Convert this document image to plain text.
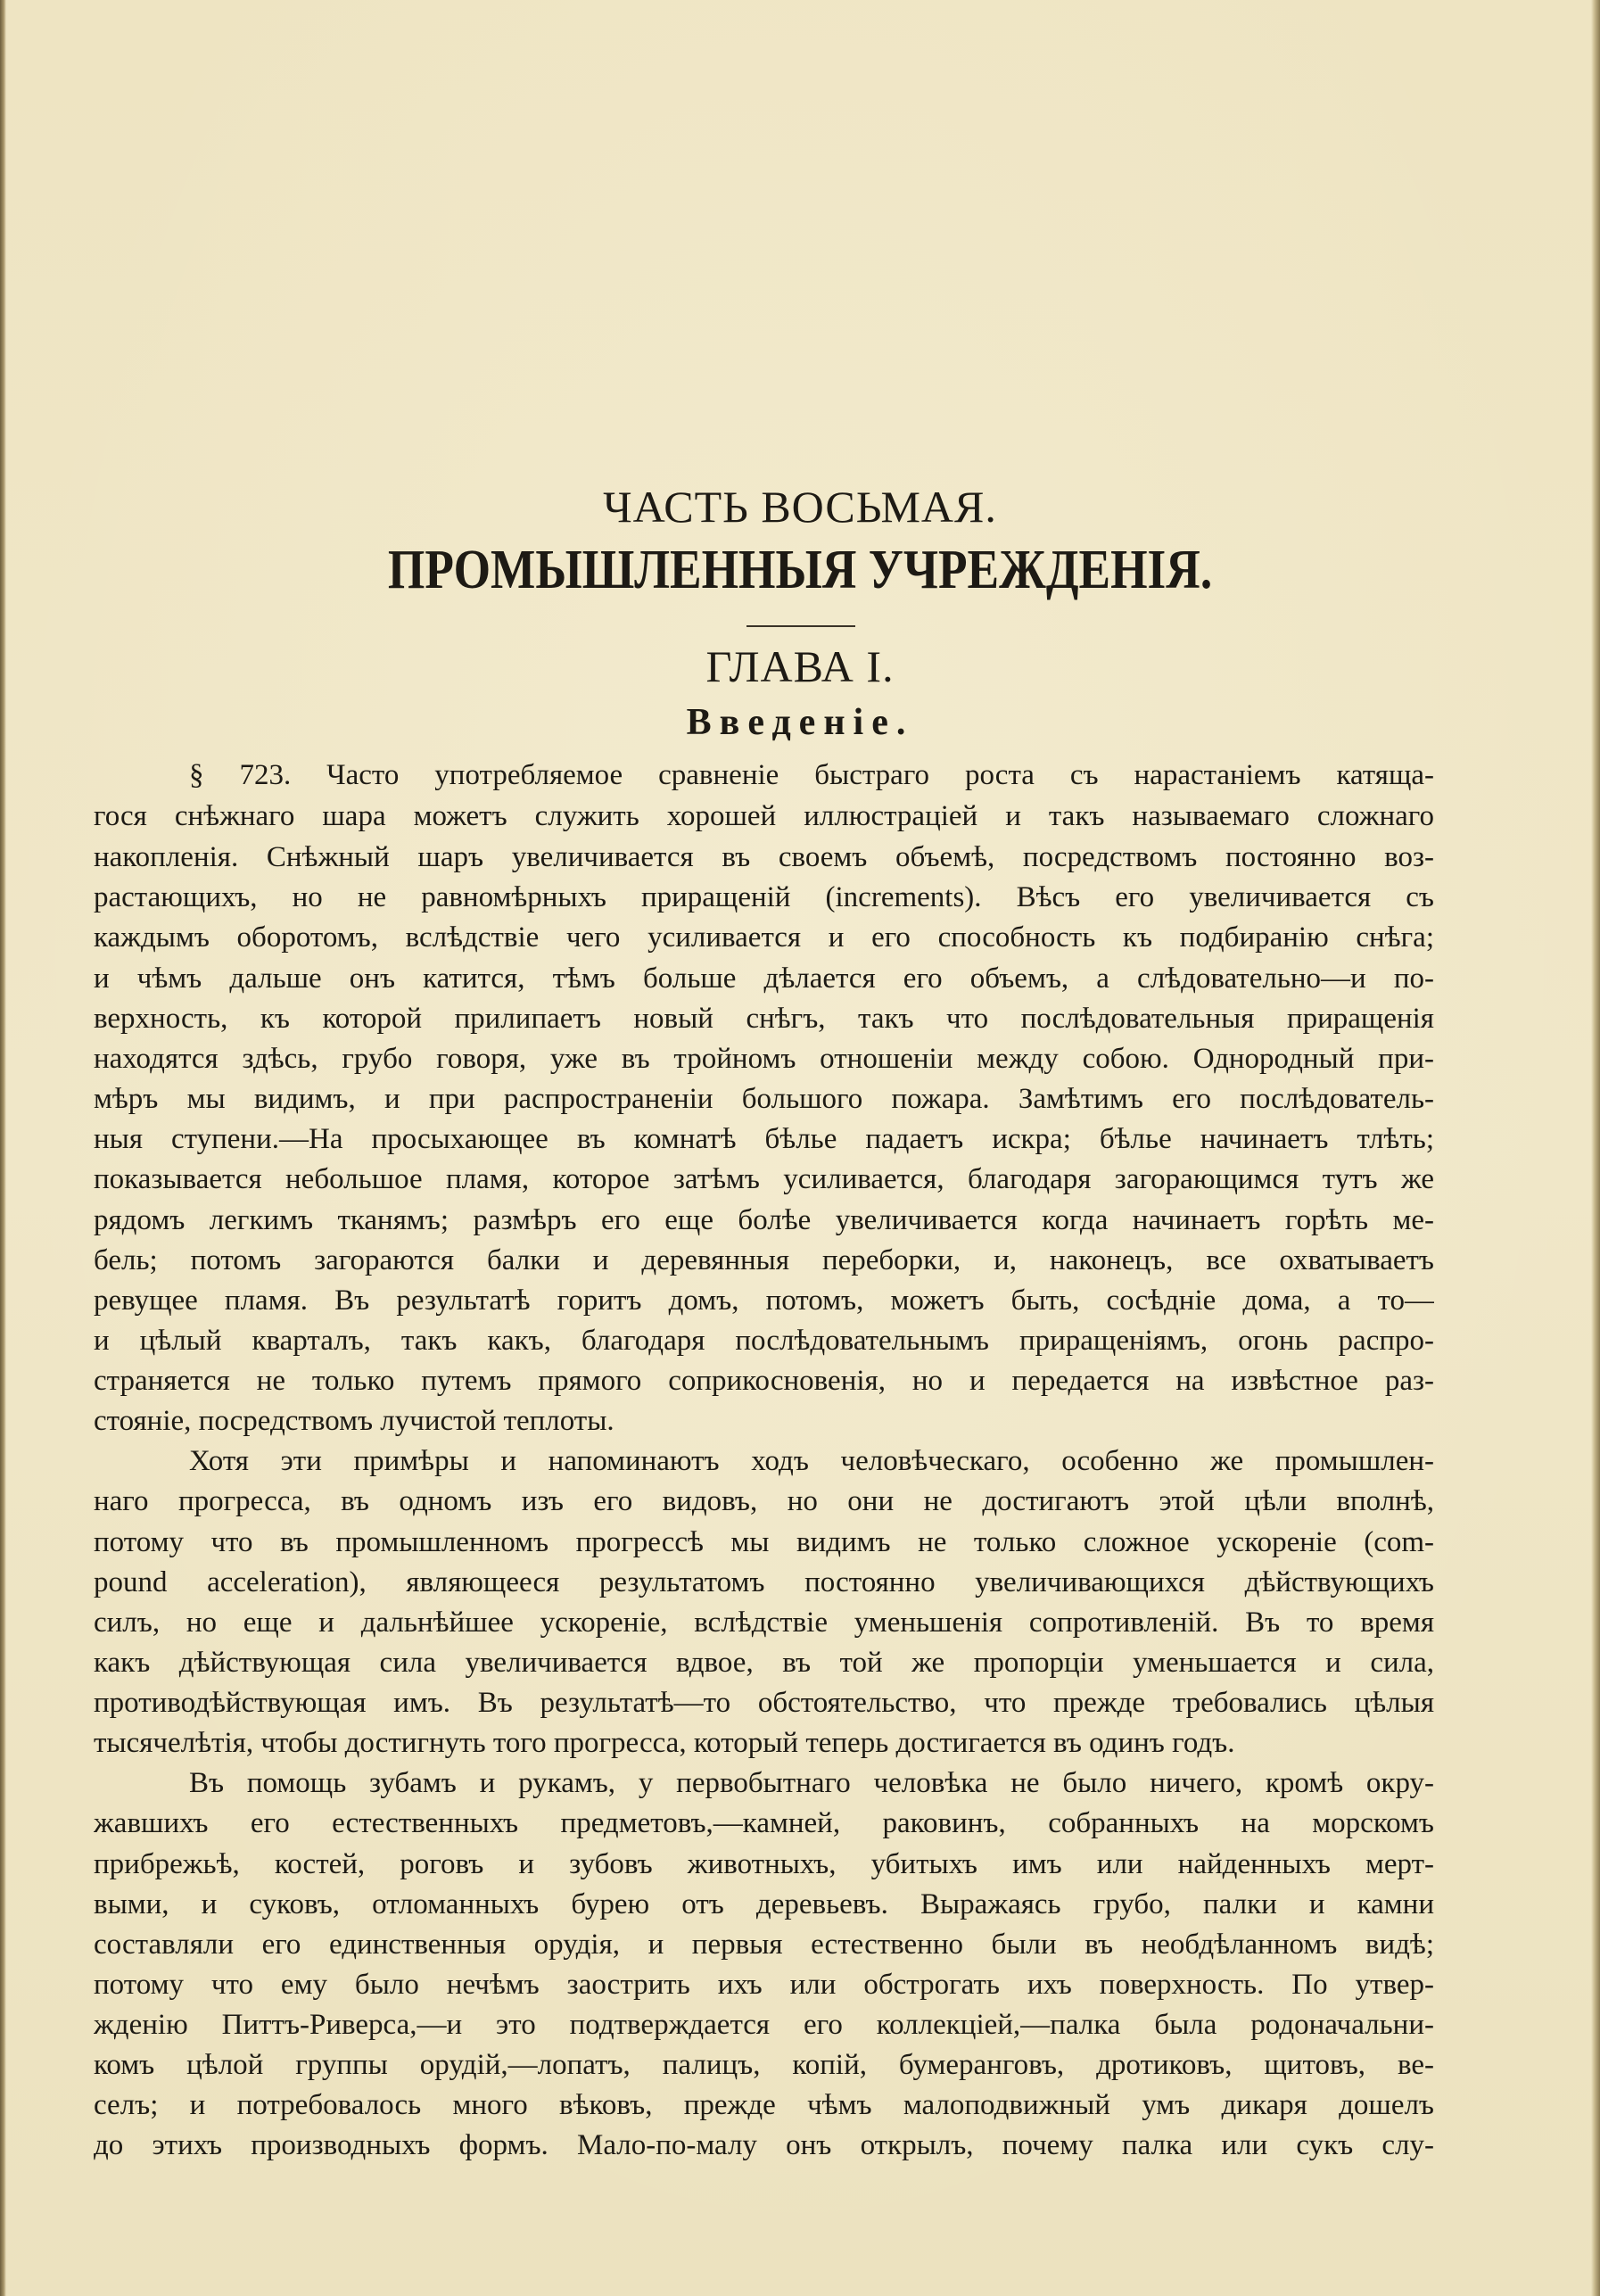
ЧАСТЬ ВОСЬМАЯ.
ПРОМЫШЛЕННЫЯ УЧРЕЖДЕНІЯ.
ГЛАВА I.
Введеніе.
§ 723. Часто употребляемое сравненіе быстраго роста съ нарастаніемъ катяща-
гося снѣжнаго шара можетъ служить хорошей иллюстраціей и такъ называемаго сложнаго
накопленія. Снѣжный шаръ увеличивается въ своемъ объемѣ, посредствомъ постоянно воз-
растающихъ, но не равномѣрныхъ приращеній (increments). Вѣсъ его увеличивается съ
каждымъ оборотомъ, вслѣдствіе чего усиливается и его способность къ подбиранію снѣга;
и чѣмъ дальше онъ катится, тѣмъ больше дѣлается его объемъ, а слѣдовательно—и по-
верхность, къ которой прилипаетъ новый снѣгъ, такъ что послѣдовательныя приращенія
находятся здѣсь, грубо говоря, уже въ тройномъ отношеніи между собою. Однородный при-
мѣръ мы видимъ, и при распространеніи большого пожара. Замѣтимъ его послѣдователь-
ныя ступени.—На просыхающее въ комнатѣ бѣлье падаетъ искра; бѣлье начинаетъ тлѣть;
показывается небольшое пламя, которое затѣмъ усиливается, благодаря загорающимся тутъ же
рядомъ легкимъ тканямъ; размѣръ его еще болѣе увеличивается когда начинаетъ горѣть ме-
бель; потомъ загораются балки и деревянныя переборки, и, наконецъ, все охватываетъ
ревущее пламя. Въ результатѣ горитъ домъ, потомъ, можетъ быть, сосѣдніе дома, а то—
и цѣлый кварталъ, такъ какъ, благодаря послѣдовательнымъ приращеніямъ, огонь распро-
страняется не только путемъ прямого соприкосновенія, но и передается на извѣстное раз-
стояніе, посредствомъ лучистой теплоты.
Хотя эти примѣры и напоминаютъ ходъ человѣческаго, особенно же промышлен-
наго прогресса, въ одномъ изъ его видовъ, но они не достигаютъ этой цѣли вполнѣ,
потому что въ промышленномъ прогрессѣ мы видимъ не только сложное ускореніе (com-
pound acceleration), являющееся результатомъ постоянно увеличивающихся дѣйствующихъ
силъ, но еще и дальнѣйшее ускореніе, вслѣдствіе уменьшенія сопротивленій. Въ то время
какъ дѣйствующая сила увеличивается вдвое, въ той же пропорціи уменьшается и сила,
противодѣйствующая имъ. Въ результатѣ—то обстоятельство, что прежде требовались цѣлыя
тысячелѣтія, чтобы достигнуть того прогресса, который теперь достигается въ одинъ годъ.
Въ помощь зубамъ и рукамъ, у первобытнаго человѣка не было ничего, кромѣ окру-
жавшихъ его естественныхъ предметовъ,—камней, раковинъ, собранныхъ на морскомъ
прибрежьѣ, костей, роговъ и зубовъ животныхъ, убитыхъ имъ или найденныхъ мерт-
выми, и суковъ, отломанныхъ бурею отъ деревьевъ. Выражаясь грубо, палки и камни
составляли его единственныя орудія, и первыя естественно были въ необдѣланномъ видѣ;
потому что ему было нечѣмъ заострить ихъ или обстрогать ихъ поверхность. По утвер-
жденію Питтъ-Риверса,—и это подтверждается его коллекціей,—палка была родоначальни-
комъ цѣлой группы орудій,—лопатъ, палицъ, копій, бумеранговъ, дротиковъ, щитовъ, ве-
селъ; и потребовалось много вѣковъ, прежде чѣмъ малоподвижный умъ дикаря дошелъ
до этихъ производныхъ формъ. Мало-по-малу онъ открылъ, почему палка или сукъ слу-
